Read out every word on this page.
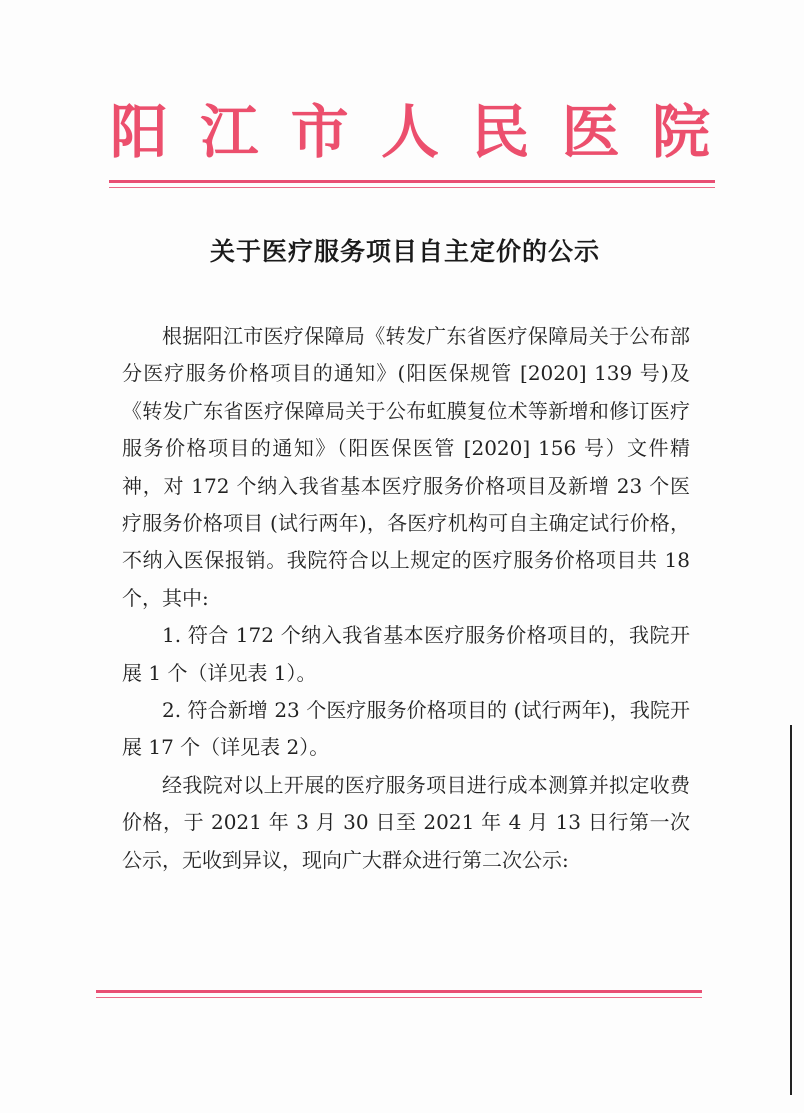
阳 江 市 人 民 医 院
关于医疗服务项目自主定价的公示

根据阳江市医疗保障局《转发广东省医疗保障局关于公布部分医疗服务价格项目的通知》(阳医保规管 [2020] 139 号)及《转发广东省医疗保障局关于公布虹膜复位术等新增和修订医疗服务价格项目的通知》（阳医保医管 [2020] 156 号）文件精神，对 172 个纳入我省基本医疗服务价格项目及新增 23 个医疗服务价格项目 (试行两年)，各医疗机构可自主确定试行价格，不纳入医保报销。我院符合以上规定的医疗服务价格项目共 18 个，其中:

1. 符合 172 个纳入我省基本医疗服务价格项目的，我院开展 1 个（详见表 1）。

2. 符合新增 23 个医疗服务价格项目的 (试行两年)，我院开展 17 个（详见表 2）。

经我院对以上开展的医疗服务项目进行成本测算并拟定收费价格，于 2021 年 3 月 30 日至 2021 年 4 月 13 日行第一次公示，无收到异议，现向广大群众进行第二次公示:
